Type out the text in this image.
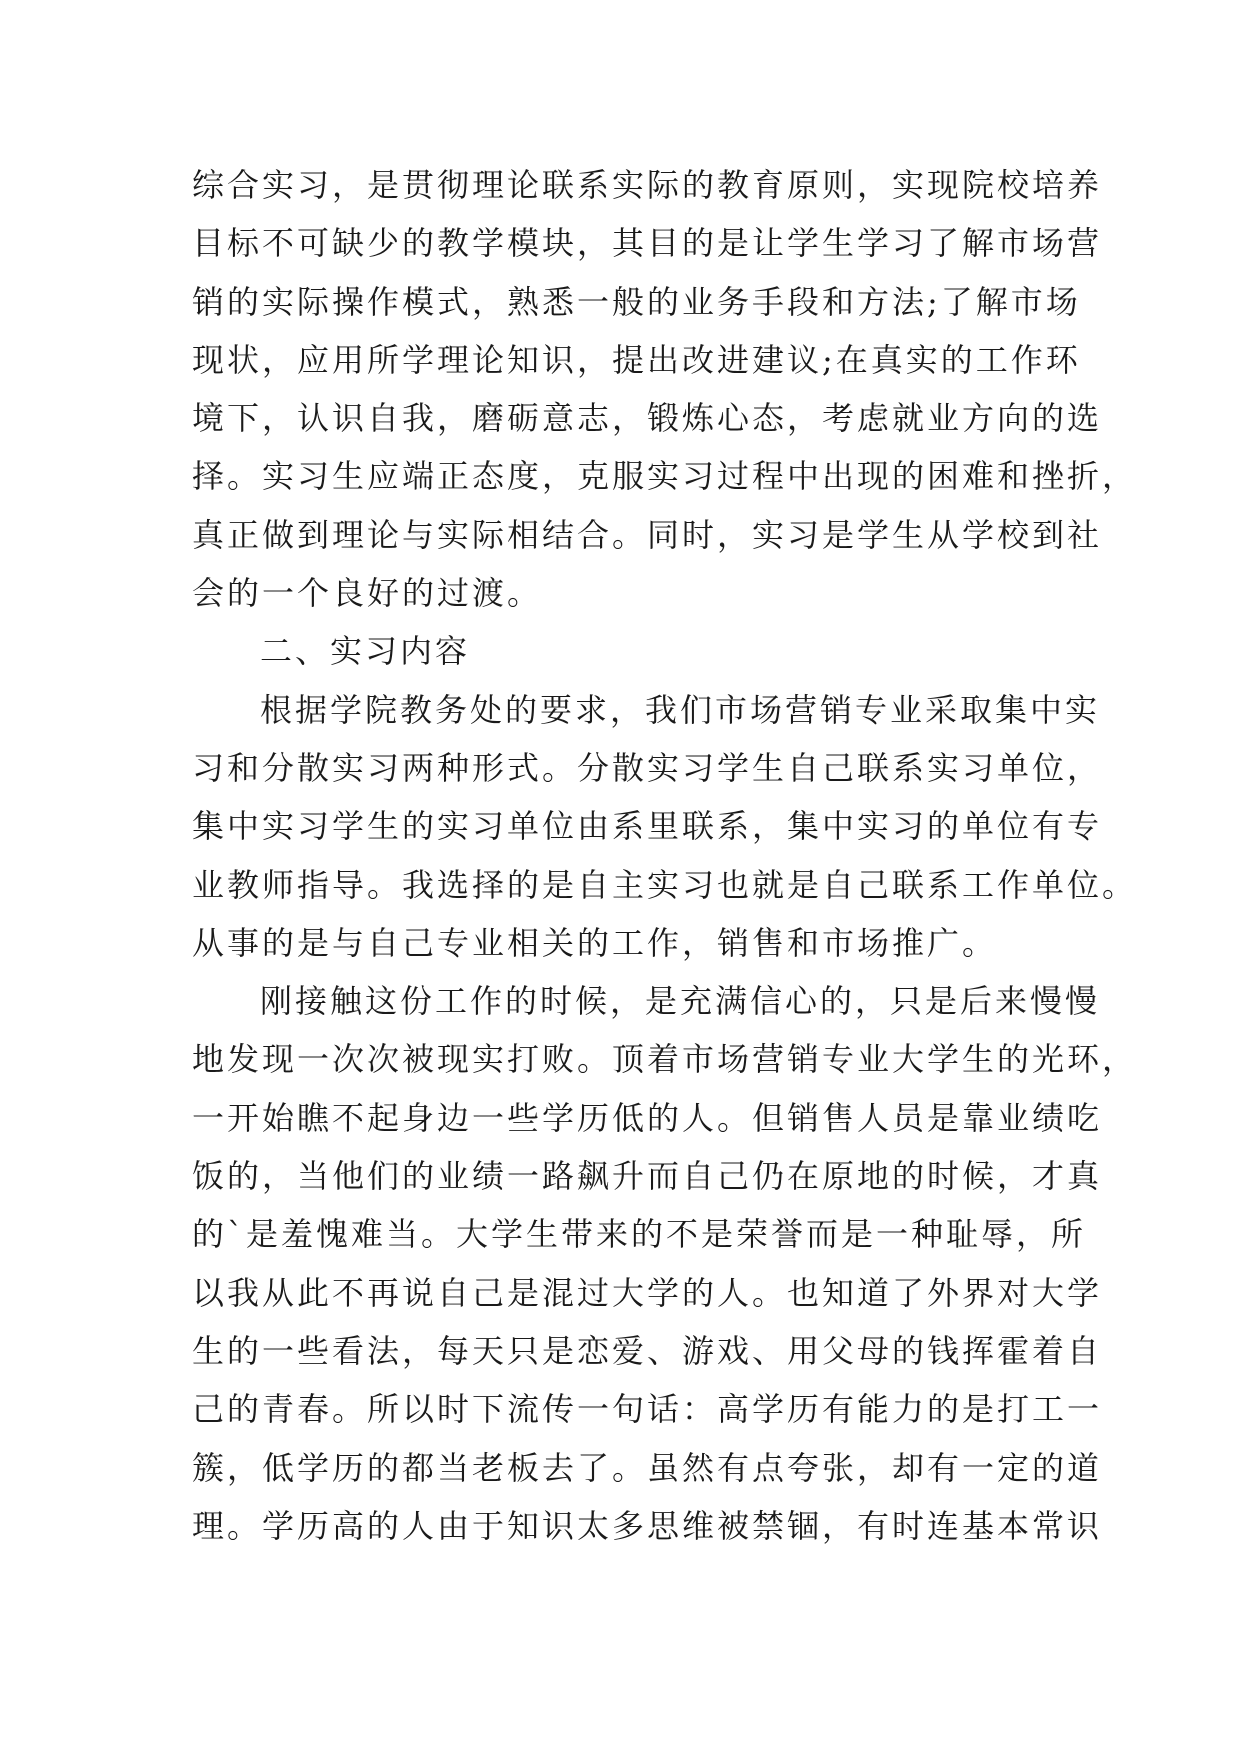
综合实习，是贯彻理论联系实际的教育原则，实现院校培养
目标不可缺少的教学模块，其目的是让学生学习了解市场营
销的实际操作模式，熟悉一般的业务手段和方法;了解市场
现状，应用所学理论知识，提出改进建议;在真实的工作环
境下，认识自我，磨砺意志，锻炼心态，考虑就业方向的选
择。实习生应端正态度，克服实习过程中出现的困难和挫折，
真正做到理论与实际相结合。同时，实习是学生从学校到社
会的一个良好的过渡。
二、实习内容
根据学院教务处的要求，我们市场营销专业采取集中实
习和分散实习两种形式。分散实习学生自己联系实习单位，
集中实习学生的实习单位由系里联系，集中实习的单位有专
业教师指导。我选择的是自主实习也就是自己联系工作单位。
从事的是与自己专业相关的工作，销售和市场推广。
刚接触这份工作的时候，是充满信心的，只是后来慢慢
地发现一次次被现实打败。顶着市场营销专业大学生的光环，
一开始瞧不起身边一些学历低的人。但销售人员是靠业绩吃
饭的，当他们的业绩一路飙升而自己仍在原地的时候，才真
的`是羞愧难当。大学生带来的不是荣誉而是一种耻辱，所
以我从此不再说自己是混过大学的人。也知道了外界对大学
生的一些看法，每天只是恋爱、游戏、用父母的钱挥霍着自
己的青春。所以时下流传一句话：高学历有能力的是打工一
簇，低学历的都当老板去了。虽然有点夸张，却有一定的道
理。学历高的人由于知识太多思维被禁锢，有时连基本常识
